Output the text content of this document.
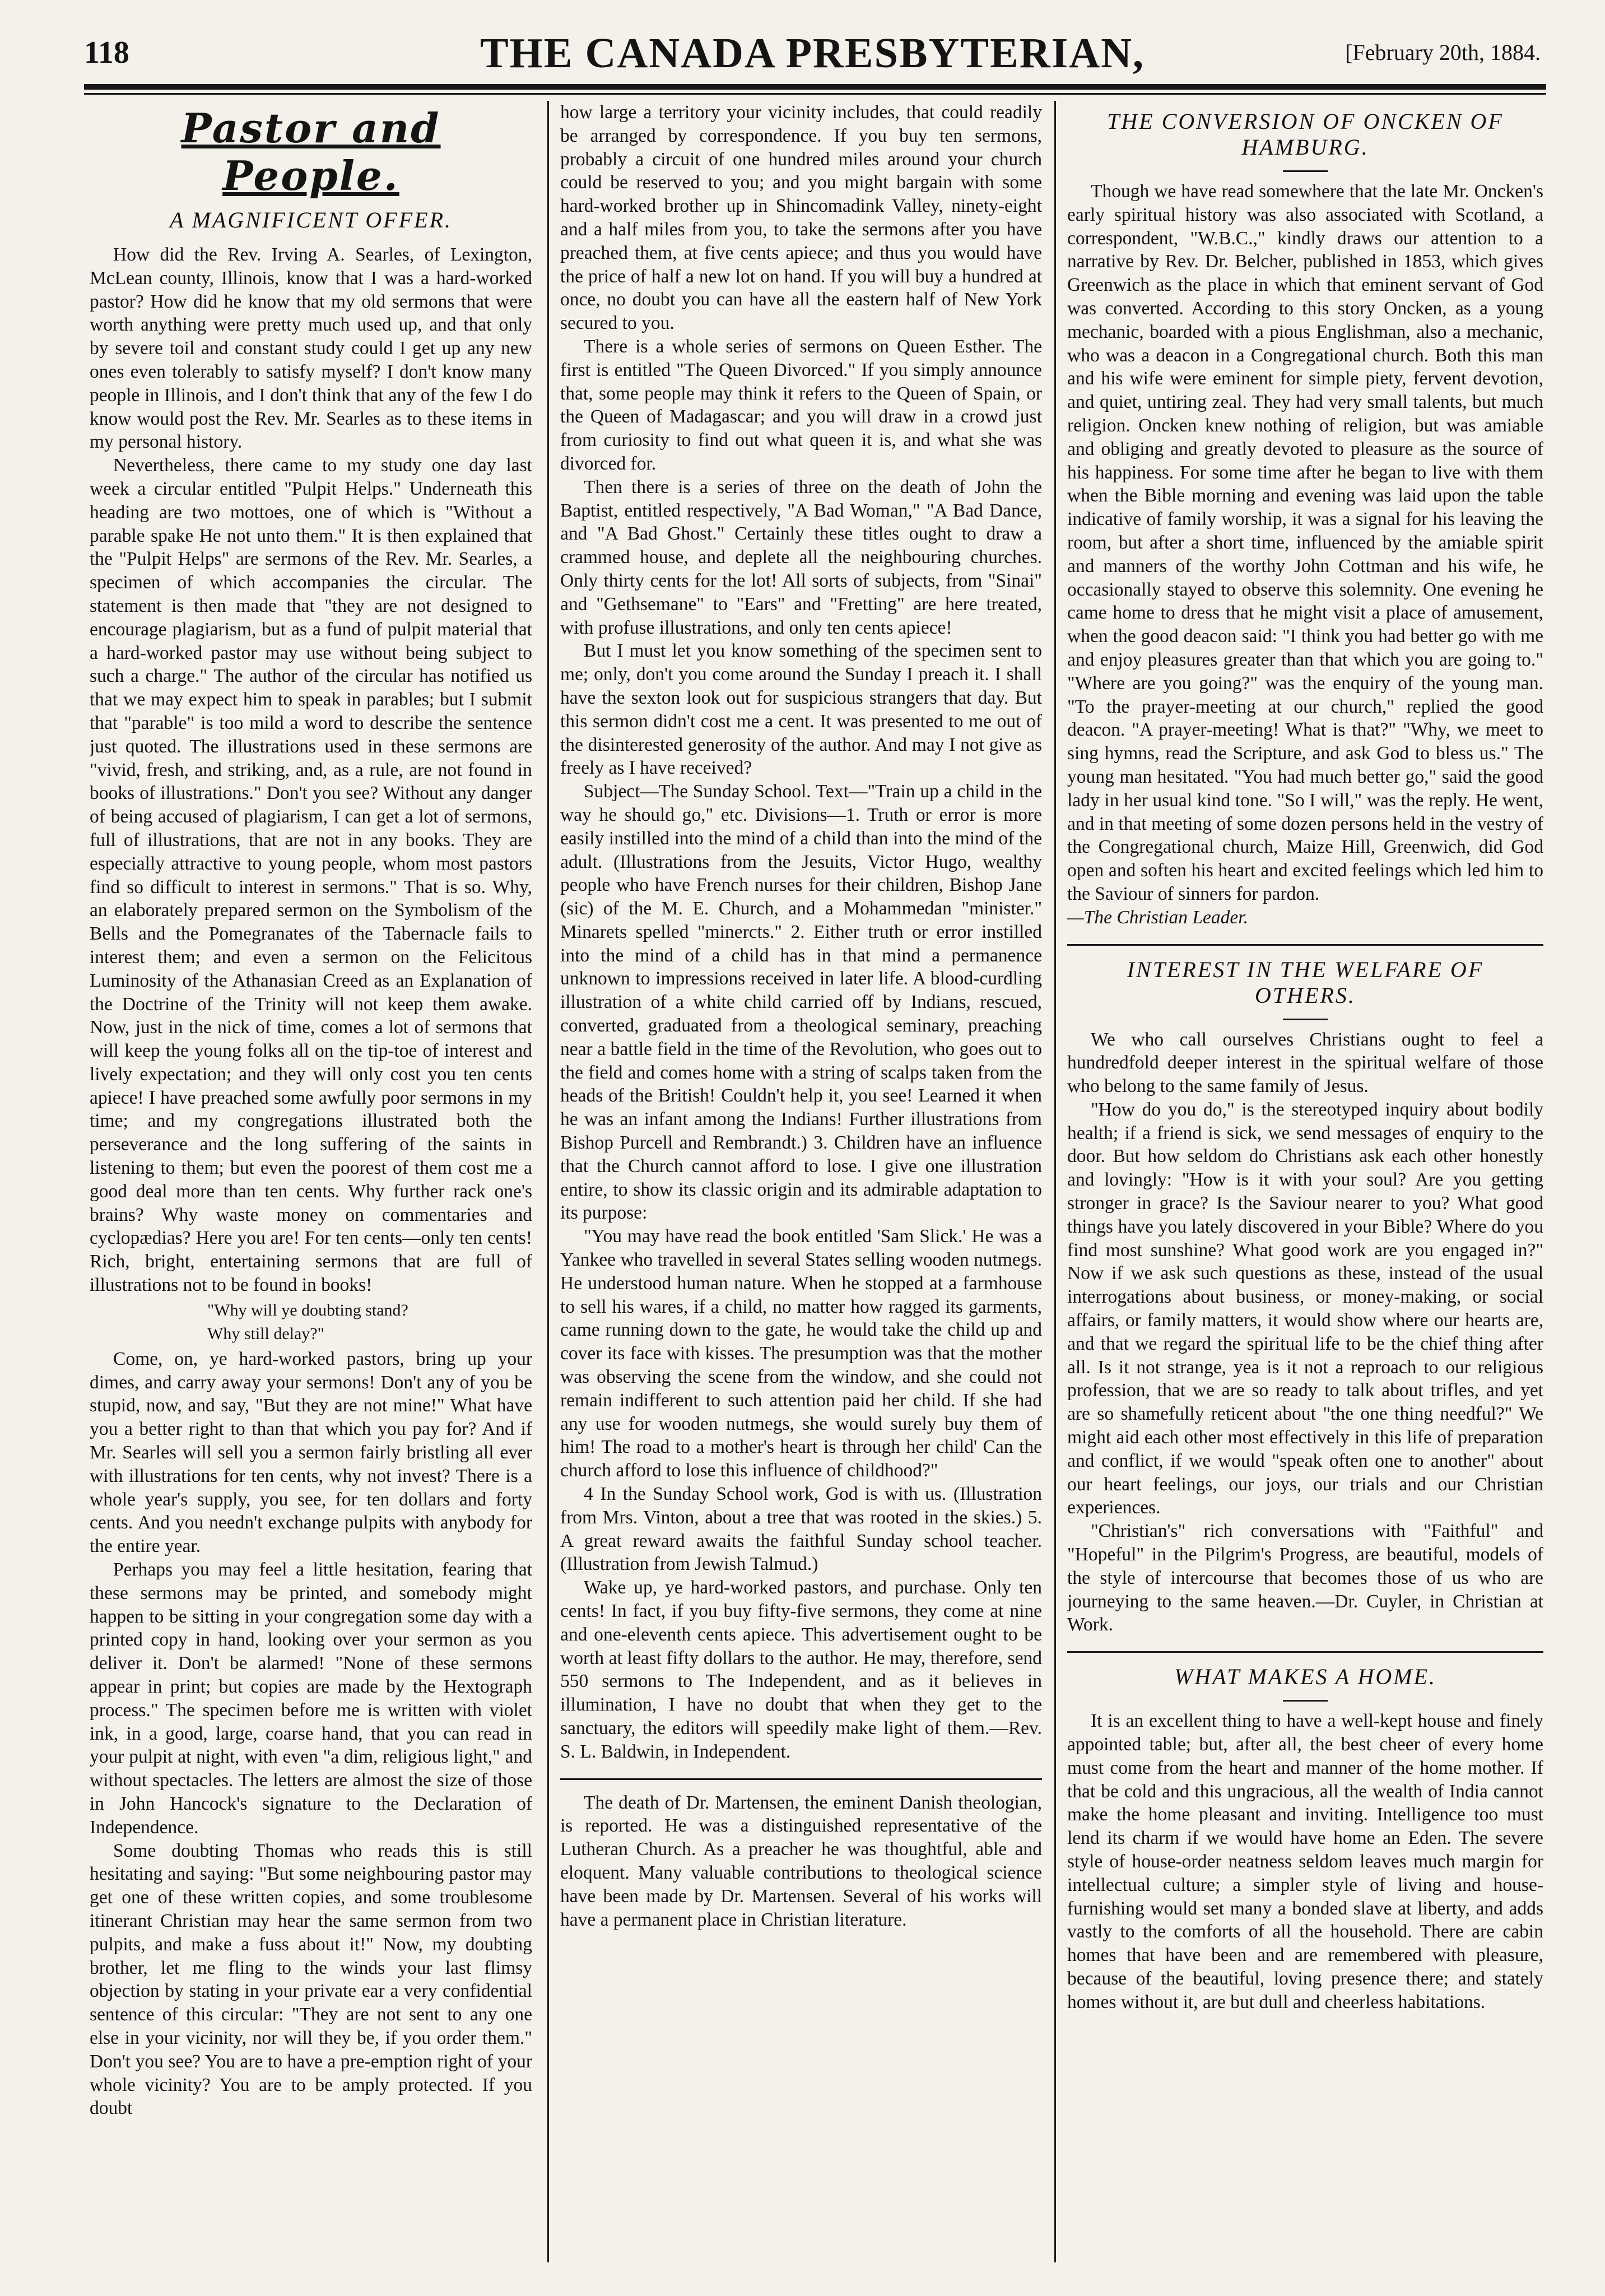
118	THE CANADA PRESBYTERIAN,	[February 20th, 1884.
Pastor and People.
A MAGNIFICENT OFFER.

How did the Rev. Irving A. Searles, of Lexington, McLean county, Illinois, know that I was a hard-worked pastor? How did he know that my old sermons that were worth anything were pretty much used up, and that only by severe toil and constant study could I get up any new ones even tolerably to satisfy myself? I don't know many people in Illinois, and I don't think that any of the few I do know would post the Rev. Mr. Searles as to these items in my personal history.

Nevertheless, there came to my study one day last week a circular entitled "Pulpit Helps." Underneath this heading are two mottoes, one of which is "Without a parable spake He not unto them." It is then explained that the "Pulpit Helps" are sermons of the Rev. Mr. Searles, a specimen of which accompanies the circular. The statement is then made that "they are not designed to encourage plagiarism, but as a fund of pulpit material that a hard-worked pastor may use without being subject to such a charge." The author of the circular has notified us that we may expect him to speak in parables; but I submit that "parable" is too mild a word to describe the sentence just quoted. The illustrations used in these sermons are "vivid, fresh, and striking, and, as a rule, are not found in books of illustrations." Don't you see? Without any danger of being accused of plagiarism, I can get a lot of sermons, full of illustrations, that are not in any books. They are especially attractive to young people, whom most pastors find so difficult to interest in sermons." That is so. Why, an elaborately prepared sermon on the Symbolism of the Bells and the Pomegranates of the Tabernacle fails to interest them; and even a sermon on the Felicitous Luminosity of the Athanasian Creed as an Explanation of the Doctrine of the Trinity will not keep them awake. Now, just in the nick of time, comes a lot of sermons that will keep the young folks all on the tip-toe of interest and lively expectation; and they will only cost you ten cents apiece! I have preached some awfully poor sermons in my time; and my congregations illustrated both the perseverance and the long suffering of the saints in listening to them; but even the poorest of them cost me a good deal more than ten cents. Why further rack one's brains? Why waste money on commentaries and cyclopædias? Here you are! For ten cents—only ten cents! Rich, bright, entertaining sermons that are full of illustrations not to be found in books!

"Why will ye doubting stand?

Why still delay?"

Come, on, ye hard-worked pastors, bring up your dimes, and carry away your sermons! Don't any of you be stupid, now, and say, "But they are not mine!" What have you a better right to than that which you pay for? And if Mr. Searles will sell you a sermon fairly bristling all ever with illustrations for ten cents, why not invest? There is a whole year's supply, you see, for ten dollars and forty cents. And you needn't exchange pulpits with anybody for the entire year.

Perhaps you may feel a little hesitation, fearing that these sermons may be printed, and somebody might happen to be sitting in your congregation some day with a printed copy in hand, looking over your sermon as you deliver it. Don't be alarmed! "None of these sermons appear in print; but copies are made by the Hextograph process." The specimen before me is written with violet ink, in a good, large, coarse hand, that you can read in your pulpit at night, with even "a dim, religious light," and without spectacles. The letters are almost the size of those in John Hancock's signature to the Declaration of Independence.

Some doubting Thomas who reads this is still hesitating and saying: "But some neighbouring pastor may get one of these written copies, and some troublesome itinerant Christian may hear the same sermon from two pulpits, and make a fuss about it!" Now, my doubting brother, let me fling to the winds your last flimsy objection by stating in your private ear a very confidential sentence of this circular: "They are not sent to any one else in your vicinity, nor will they be, if you order them." Don't you see? You are to have a pre-emption right of your whole vicinity? You are to be amply protected. If you doubt

how large a territory your vicinity includes, that could readily be arranged by correspondence. If you buy ten sermons, probably a circuit of one hundred miles around your church could be reserved to you; and you might bargain with some hard-worked brother up in Shincomadink Valley, ninety-eight and a half miles from you, to take the sermons after you have preached them, at five cents apiece; and thus you would have the price of half a new lot on hand. If you will buy a hundred at once, no doubt you can have all the eastern half of New York secured to you.

There is a whole series of sermons on Queen Esther. The first is entitled "The Queen Divorced." If you simply announce that, some people may think it refers to the Queen of Spain, or the Queen of Madagascar; and you will draw in a crowd just from curiosity to find out what queen it is, and what she was divorced for.

Then there is a series of three on the death of John the Baptist, entitled respectively, "A Bad Woman," "A Bad Dance, and "A Bad Ghost." Certainly these titles ought to draw a crammed house, and deplete all the neighbouring churches. Only thirty cents for the lot! All sorts of subjects, from "Sinai" and "Gethsemane" to "Ears" and "Fretting" are here treated, with profuse illustrations, and only ten cents apiece!

But I must let you know something of the specimen sent to me; only, don't you come around the Sunday I preach it. I shall have the sexton look out for suspicious strangers that day. But this sermon didn't cost me a cent. It was presented to me out of the disinterested generosity of the author. And may I not give as freely as I have received?

Subject—The Sunday School. Text—"Train up a child in the way he should go," etc. Divisions—1. Truth or error is more easily instilled into the mind of a child than into the mind of the adult. (Illustrations from the Jesuits, Victor Hugo, wealthy people who have French nurses for their children, Bishop Jane (sic) of the M. E. Church, and a Mohammedan "minister." Minarets spelled "minercts." 2. Either truth or error instilled into the mind of a child has in that mind a permanence unknown to impressions received in later life. A blood-curdling illustration of a white child carried off by Indians, rescued, converted, graduated from a theological seminary, preaching near a battle field in the time of the Revolution, who goes out to the field and comes home with a string of scalps taken from the heads of the British! Couldn't help it, you see! Learned it when he was an infant among the Indians! Further illustrations from Bishop Purcell and Rembrandt.) 3. Children have an influence that the Church cannot afford to lose. I give one illustration entire, to show its classic origin and its admirable adaptation to its purpose:

"You may have read the book entitled 'Sam Slick.' He was a Yankee who travelled in several States selling wooden nutmegs. He understood human nature. When he stopped at a farmhouse to sell his wares, if a child, no matter how ragged its garments, came running down to the gate, he would take the child up and cover its face with kisses. The presumption was that the mother was observing the scene from the window, and she could not remain indifferent to such attention paid her child. If she had any use for wooden nutmegs, she would surely buy them of him! The road to a mother's heart is through her child' Can the church afford to lose this influence of childhood?"

4 In the Sunday School work, God is with us. (Illustration from Mrs. Vinton, about a tree that was rooted in the skies.) 5. A great reward awaits the faithful Sunday school teacher. (Illustration from Jewish Talmud.)

Wake up, ye hard-worked pastors, and purchase. Only ten cents! In fact, if you buy fifty-five sermons, they come at nine and one-eleventh cents apiece. This advertisement ought to be worth at least fifty dollars to the author. He may, therefore, send 550 sermons to The Independent, and as it believes in illumination, I have no doubt that when they get to the sanctuary, the editors will speedily make light of them.—Rev. S. L. Baldwin, in Independent.

The death of Dr. Martensen, the eminent Danish theologian, is reported. He was a distinguished representative of the Lutheran Church. As a preacher he was thoughtful, able and eloquent. Many valuable contributions to theological science have been made by Dr. Martensen. Several of his works will have a permanent place in Christian literature.

THE CONVERSION OF ONCKEN OF HAMBURG.

Though we have read somewhere that the late Mr. Oncken's early spiritual history was also associated with Scotland, a correspondent, "W.B.C.," kindly draws our attention to a narrative by Rev. Dr. Belcher, published in 1853, which gives Greenwich as the place in which that eminent servant of God was converted. According to this story Oncken, as a young mechanic, boarded with a pious Englishman, also a mechanic, who was a deacon in a Congregational church. Both this man and his wife were eminent for simple piety, fervent devotion, and quiet, untiring zeal. They had very small talents, but much religion. Oncken knew nothing of religion, but was amiable and obliging and greatly devoted to pleasure as the source of his happiness. For some time after he began to live with them when the Bible morning and evening was laid upon the table indicative of family worship, it was a signal for his leaving the room, but after a short time, influenced by the amiable spirit and manners of the worthy John Cottman and his wife, he occasionally stayed to observe this solemnity. One evening he came home to dress that he might visit a place of amusement, when the good deacon said: "I think you had better go with me and enjoy pleasures greater than that which you are going to." "Where are you going?" was the enquiry of the young man. "To the prayer-meeting at our church," replied the good deacon. "A prayer-meeting! What is that?" "Why, we meet to sing hymns, read the Scripture, and ask God to bless us." The young man hesitated. "You had much better go," said the good lady in her usual kind tone. "So I will," was the reply. He went, and in that meeting of some dozen persons held in the vestry of the Congregational church, Maize Hill, Greenwich, did God open and soften his heart and excited feelings which led him to the Saviour of sinners for pardon.

—The Christian Leader.

INTEREST IN THE WELFARE OF OTHERS.

We who call ourselves Christians ought to feel a hundredfold deeper interest in the spiritual welfare of those who belong to the same family of Jesus.

"How do you do," is the stereotyped inquiry about bodily health; if a friend is sick, we send messages of enquiry to the door. But how seldom do Christians ask each other honestly and lovingly: "How is it with your soul? Are you getting stronger in grace? Is the Saviour nearer to you? What good things have you lately discovered in your Bible? Where do you find most sunshine? What good work are you engaged in?" Now if we ask such questions as these, instead of the usual interrogations about business, or money-making, or social affairs, or family matters, it would show where our hearts are, and that we regard the spiritual life to be the chief thing after all. Is it not strange, yea is it not a reproach to our religious profession, that we are so ready to talk about trifles, and yet are so shamefully reticent about "the one thing needful?" We might aid each other most effectively in this life of preparation and conflict, if we would "speak often one to another" about our heart feelings, our joys, our trials and our Christian experiences.

"Christian's" rich conversations with "Faithful" and "Hopeful" in the Pilgrim's Progress, are beautiful, models of the style of intercourse that becomes those of us who are journeying to the same heaven.—Dr. Cuyler, in Christian at Work.

WHAT MAKES A HOME.

It is an excellent thing to have a well-kept house and finely appointed table; but, after all, the best cheer of every home must come from the heart and manner of the home mother. If that be cold and this ungracious, all the wealth of India cannot make the home pleasant and inviting. Intelligence too must lend its charm if we would have home an Eden. The severe style of house-order neatness seldom leaves much margin for intellectual culture; a simpler style of living and house-furnishing would set many a bonded slave at liberty, and adds vastly to the comforts of all the household. There are cabin homes that have been and are remembered with pleasure, because of the beautiful, loving presence there; and stately homes without it, are but dull and cheerless habitations.
